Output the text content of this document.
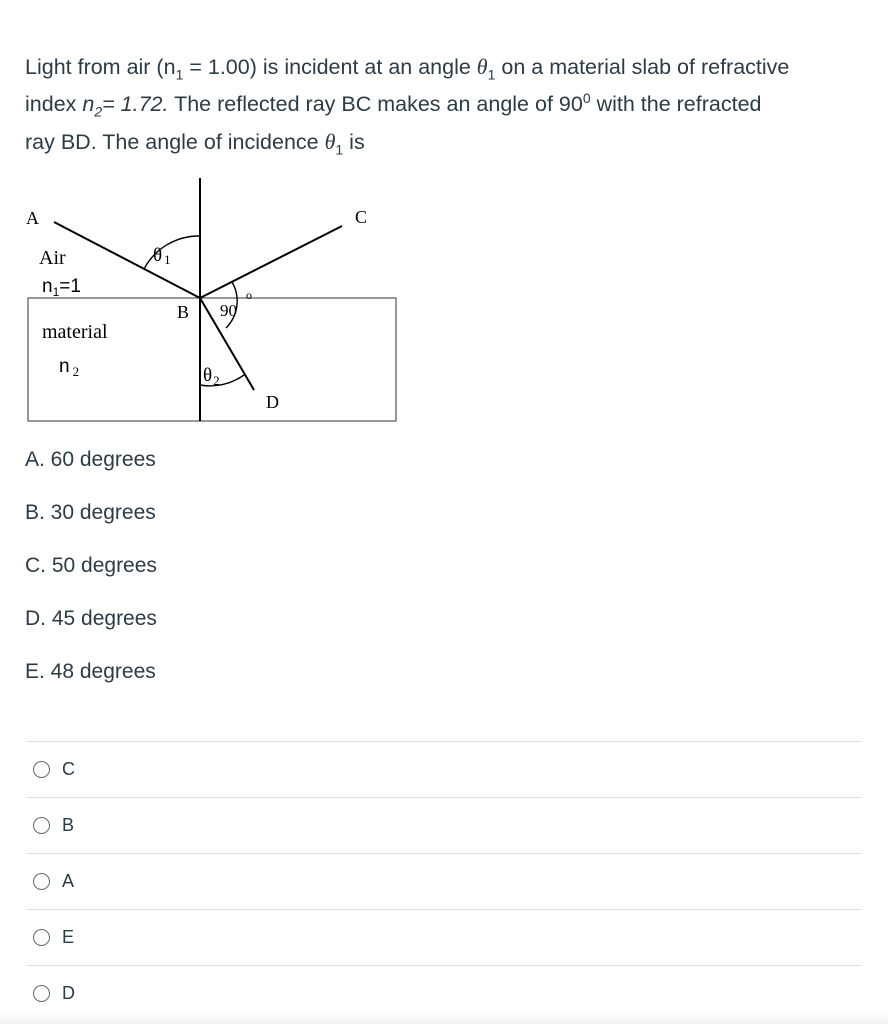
Light from air $(n_1 = 1.00)$ is incident at an angle $\theta_1$ on a material slab of refractive
index $n_2= 1.72$. The reflected ray BC makes an angle of $90^0$ with the refracted
ray BD. The angle of incidence $\theta_1$ is
A	C
B
D
Air
$n_1=1$
material
n $_2$
θ 1
$\theta_2$
90
o
A. 60 degrees
B. 30 degrees
C. 50 degrees
D. 45 degrees
E. 48 degrees
C
B
A
E
D
